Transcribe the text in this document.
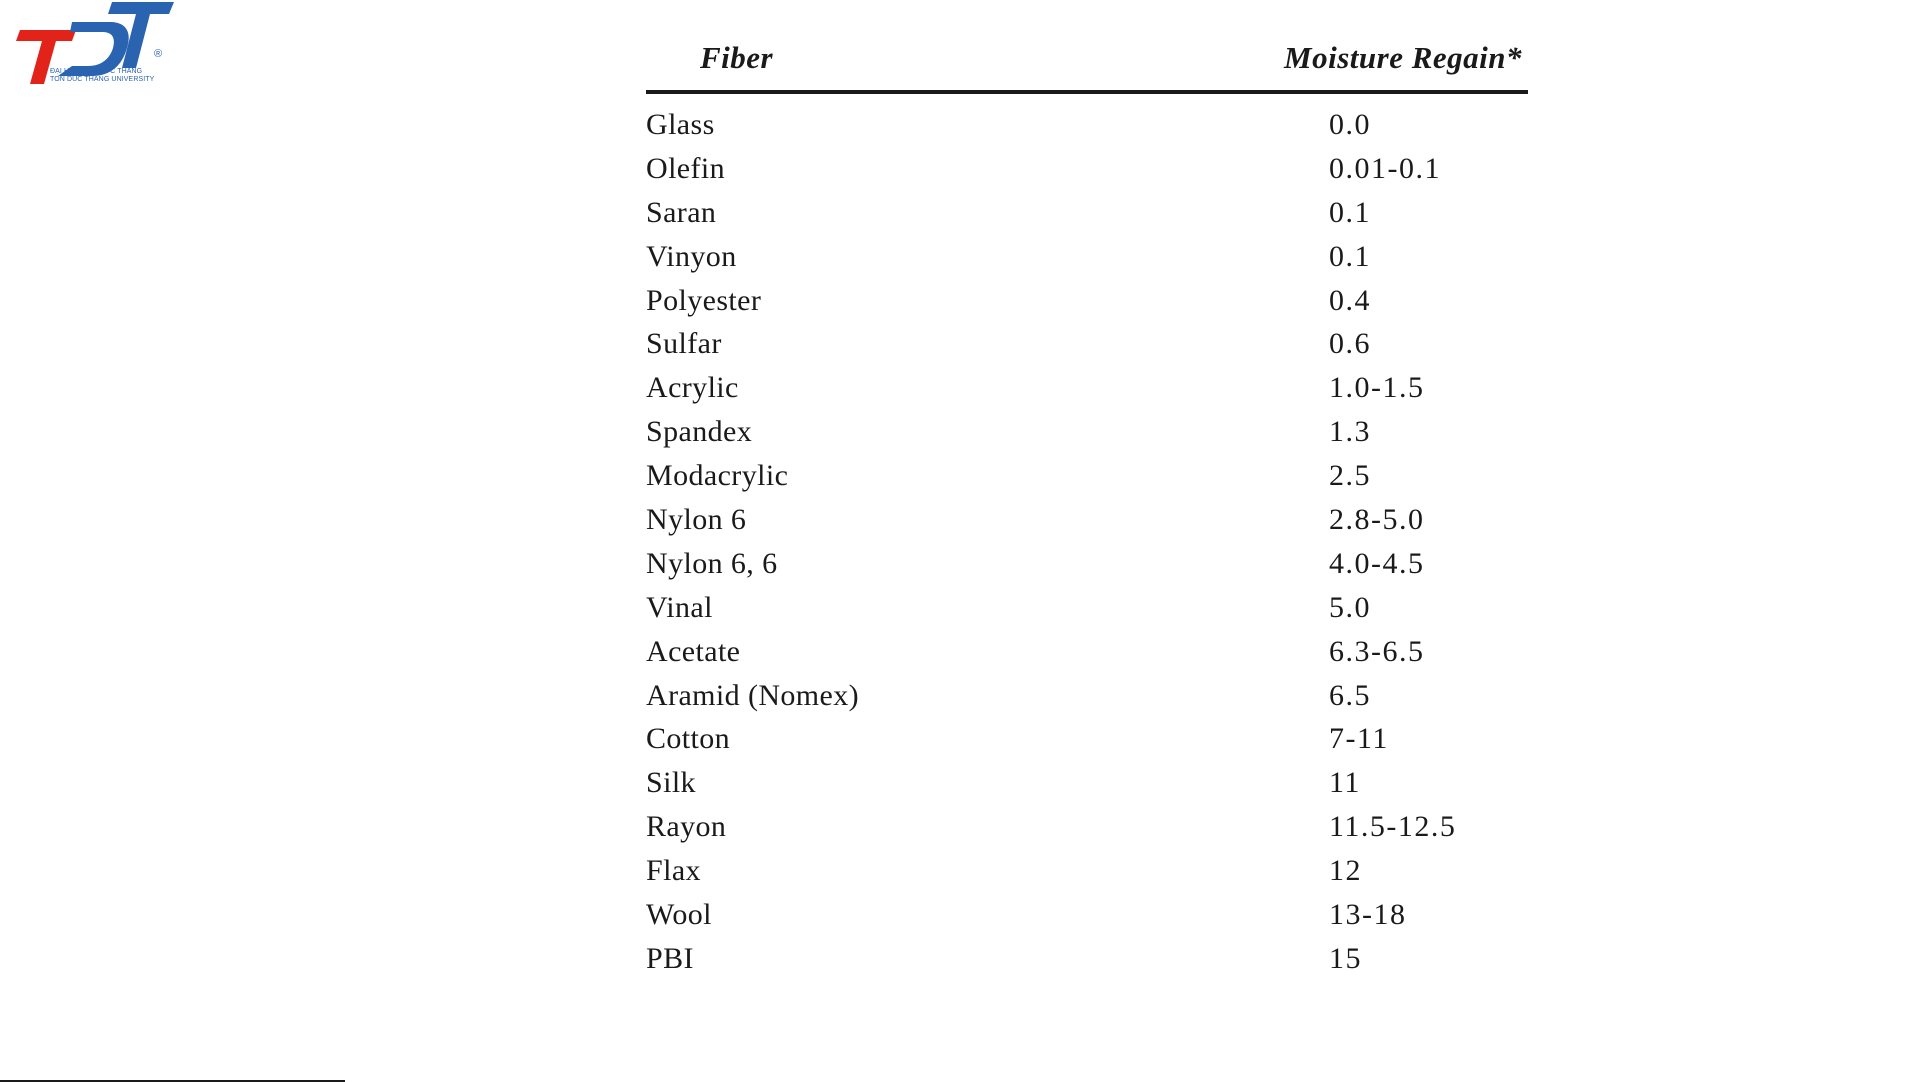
®
ĐẠI HỌC TÔN ĐỨC THẮNG
TON DUC THANG UNIVERSITY
Fiber	Moisture Regain*
Glass	0.0
Olefin	0.01-0.1
Saran	0.1
Vinyon	0.1
Polyester	0.4
Sulfar	0.6
Acrylic	1.0-1.5
Spandex	1.3
Modacrylic	2.5
Nylon 6	2.8-5.0
Nylon 6, 6	4.0-4.5
Vinal	5.0
Acetate	6.3-6.5
Aramid (Nomex)	6.5
Cotton	7-11
Silk	11
Rayon	11.5-12.5
Flax	12
Wool	13-18
PBI	15
